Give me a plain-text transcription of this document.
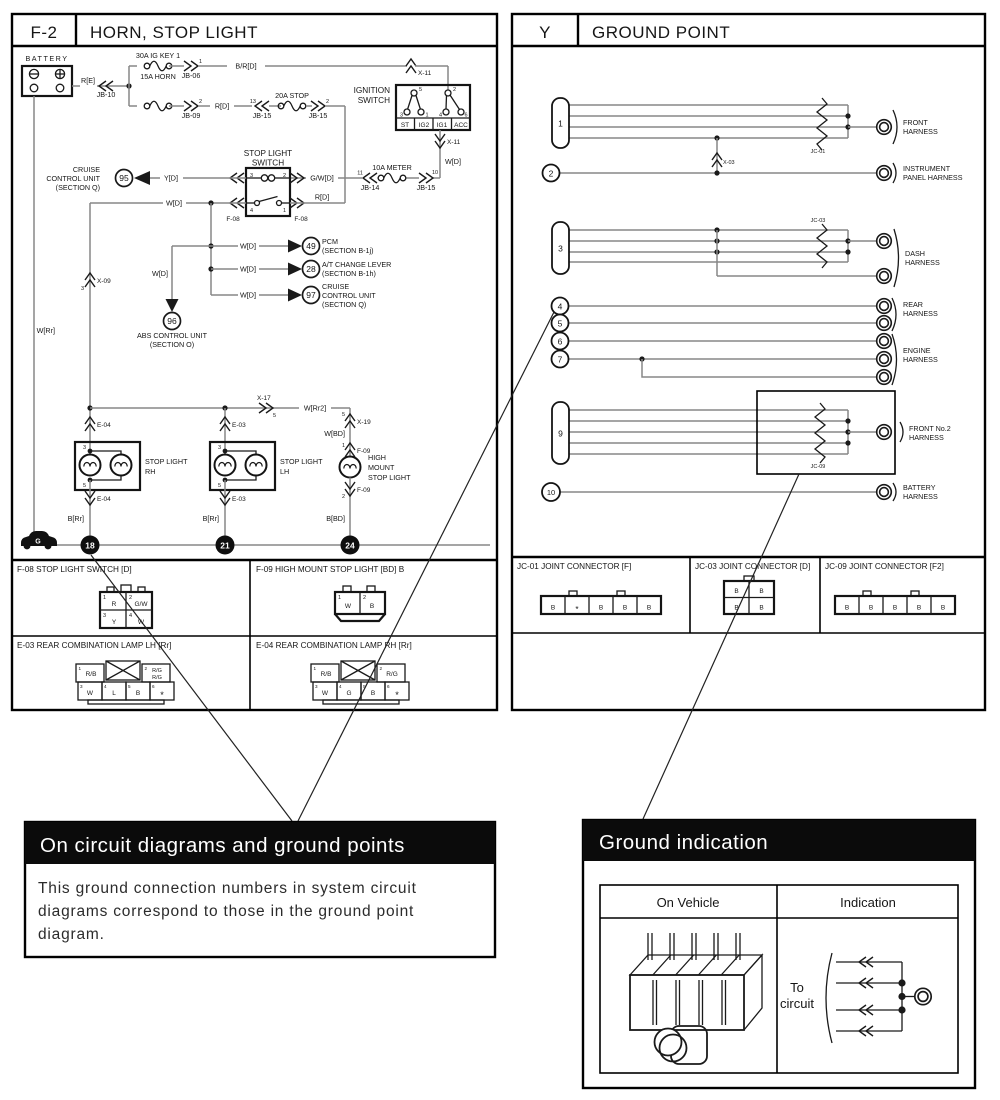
F-2 HORN, STOP LIGHT
BATTERY
R[E]
JB-10
30A IG KEY 1
15A HORN
1
JB-06
B/R[D]
X-11
2
JB-09
R[D]	13
JB-15
20A STOP
2
JB-15
IGNITION
SWITCH
5	2
3	1 4	6
ST IG2 IG1 ACC
X-11
W[D]
10
JB-15
10A METER
11
JB-14
G/W[D]
STOP LIGHT
SWITCH
3	2
4	1
F-08	F-08
R[D]
Y[D]
95
CRUISE
CONTROL UNIT
(SECTION Q)
W[D]
W[D]	49 PCM
(SECTION B-1j)
W[D]	28 A/T CHANGE LEVER
(SECTION B-1h)
W[D]	97
CRUISE
CONTROL UNIT
(SECTION Q)
W[D]
96
ABS CONTROL UNIT
(SECTION O)
X-09
3
W[Rr]
W[Rr2]
X-17
5
E-04
3
5
E-04
B[Rr]
STOP LIGHT
RH
E-03
3
5
E-03
B[Rr]
STOP LIGHT
LH
5
X-19
W[BD]
1
F-09
HIGH
MOUNT
STOP LIGHT
F-09
2
B[BD]
G	18	21	24
F-08 STOP LIGHT SWITCH [D]	F-09 HIGH MOUNT STOP LIGHT [BD] B
E-03 REAR COMBINATION LAMP LH [Rr]	E-04 REAR COMBINATION LAMP RH [Rr]
1	2
3	4
R	G/W
Y	W
1	2
W	B
1	2
3	4	5	6
R/B	R/G
R/G
W	L	B *
1	2
3	4	5	6
R/B	R/G
W	G	B *
Y GROUND POINT
1
JC-01
FRONT
HARNESS
X-03
2	INSTRUMENT
PANEL HARNESS
3
JC-03
DASH
HARNESS
4
5
6
7
REAR
HARNESS
ENGINE
HARNESS
9
JC-09
FRONT No.2
HARNESS
10
BATTERY
HARNESS
JC-01 JOINT CONNECTOR [F]	JC-03 JOINT CONNECTOR [D] JC-09 JOINT CONNECTOR [F2]
B *	B	B	B
B	B
B	B	B	B	B	B	B
On circuit diagrams and ground points
This ground connection numbers in system circuit
diagrams correspond to those in the ground point
diagram.
Ground indication
On Vehicle	Indication
To
circuit
